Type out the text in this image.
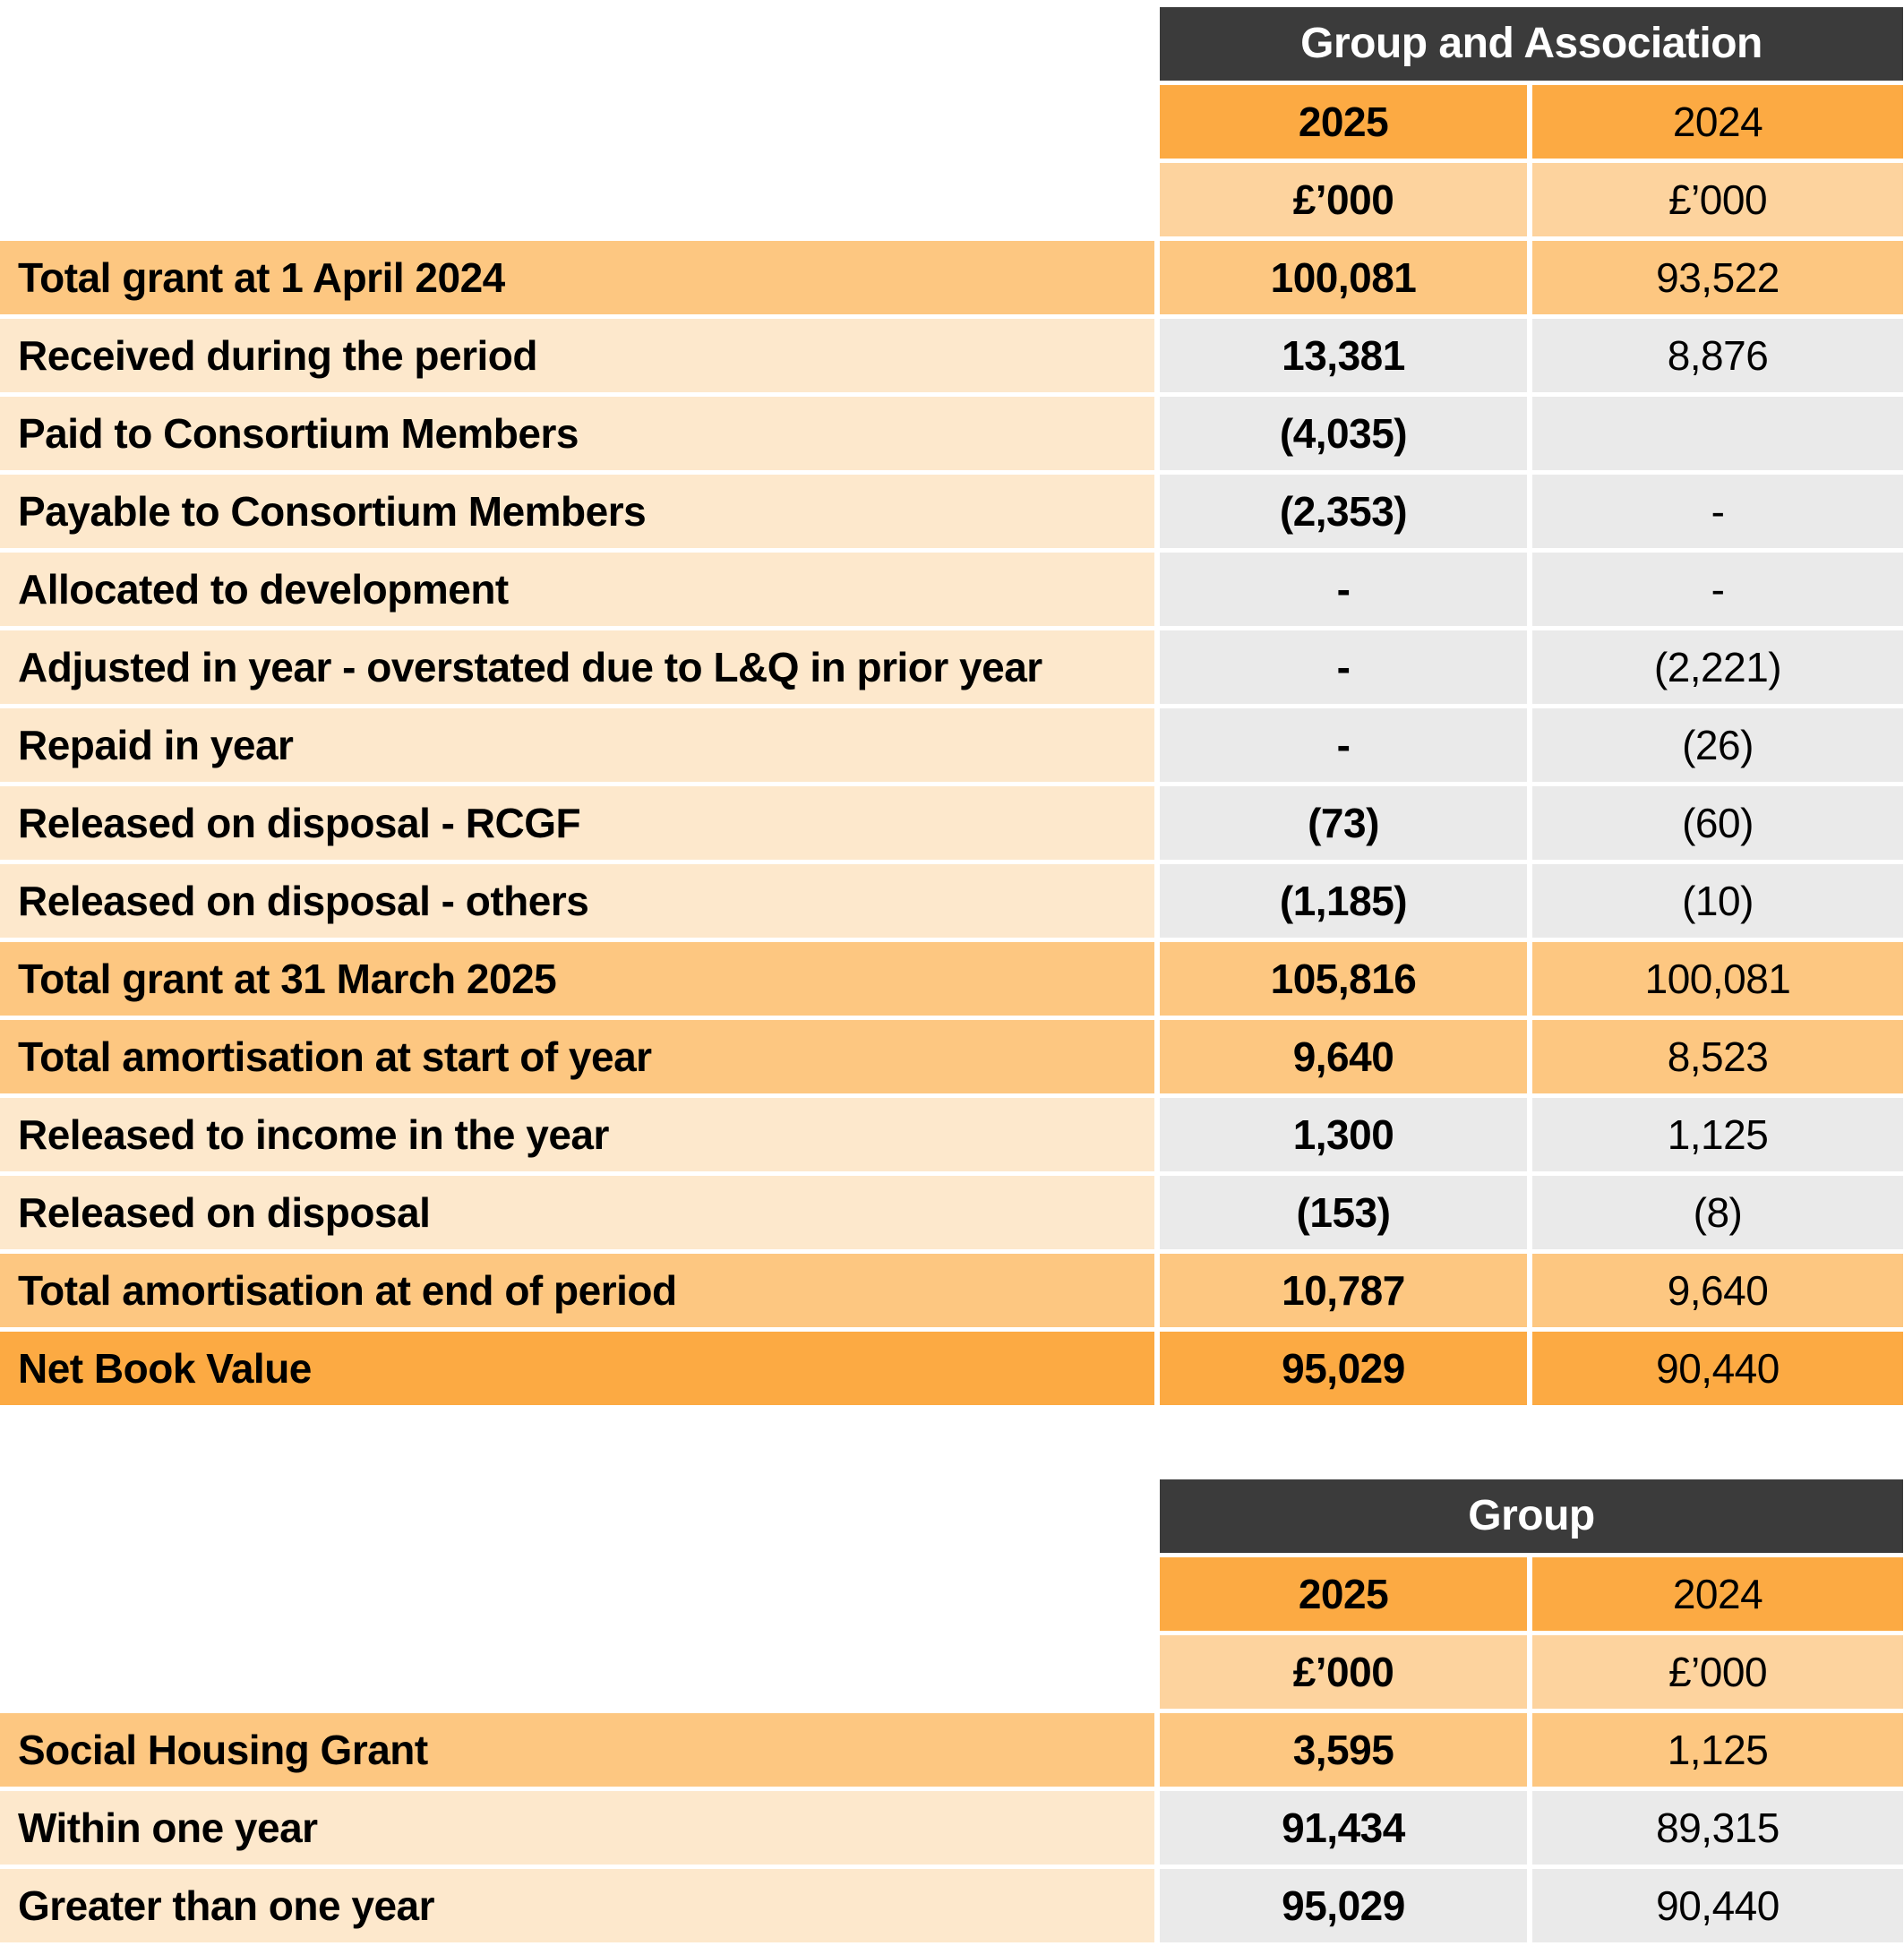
Group and Association
2025	2024
£’000	£’000
Total grant at 1 April 2024	100,081	93,522
Received during the period	13,381	8,876
Paid to Consortium Members	(4,035)
Payable to Consortium Members	(2,353)	-
Allocated to development	-	-
Adjusted in year - overstated due to L&Q in prior year	-	(2,221)
Repaid in year	-	(26)
Released on disposal - RCGF	(73)	(60)
Released on disposal - others	(1,185)	(10)
Total grant at 31 March 2025	105,816	100,081
Total amortisation at start of year	9,640	8,523
Released to income in the year	1,300	1,125
Released on disposal	(153)	(8)
Total amortisation at end of period	10,787	9,640
Net Book Value	95,029	90,440
Group
2025	2024
£’000	£’000
Social Housing Grant	3,595	1,125
Within one year	91,434	89,315
Greater than one year	95,029	90,440
